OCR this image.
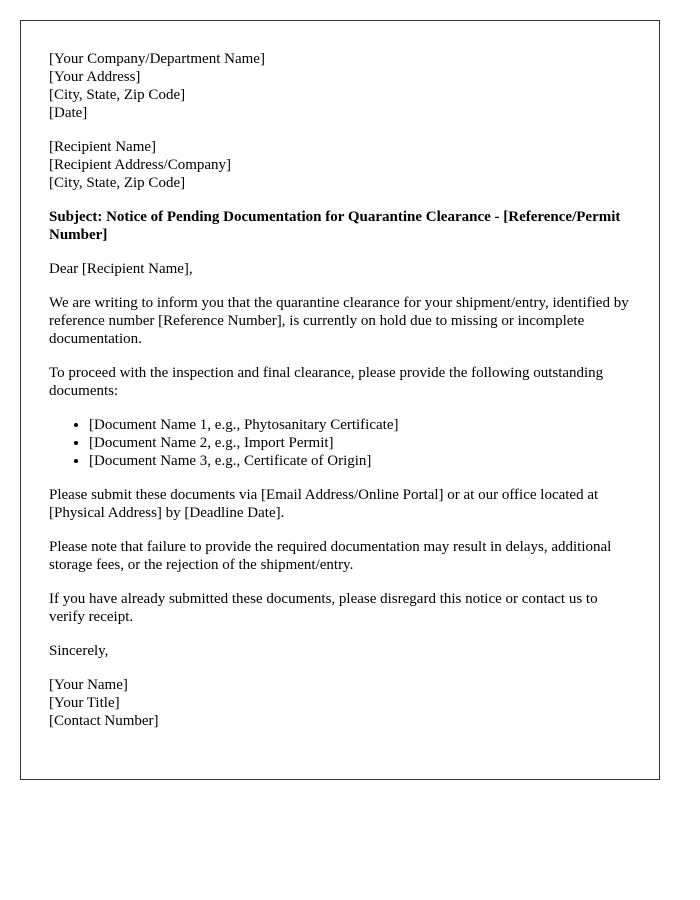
[Your Company/Department Name]
[Your Address]
[City, State, Zip Code]
[Date]
[Recipient Name]
[Recipient Address/Company]
[City, State, Zip Code]
Subject: Notice of Pending Documentation for Quarantine Clearance - [Reference/Permit Number]

Dear [Recipient Name],

We are writing to inform you that the quarantine clearance for your shipment/entry, identified by reference number [Reference Number], is currently on hold due to missing or incomplete documentation.

To proceed with the inspection and final clearance, please provide the following outstanding documents:

• [Document Name 1, e.g., Phytosanitary Certificate]
• [Document Name 2, e.g., Import Permit]
• [Document Name 3, e.g., Certificate of Origin]

Please submit these documents via [Email Address/Online Portal] or at our office located at [Physical Address] by [Deadline Date].

Please note that failure to provide the required documentation may result in delays, additional storage fees, or the rejection of the shipment/entry.

If you have already submitted these documents, please disregard this notice or contact us to verify receipt.

Sincerely,

[Your Name]
[Your Title]
[Contact Number]
